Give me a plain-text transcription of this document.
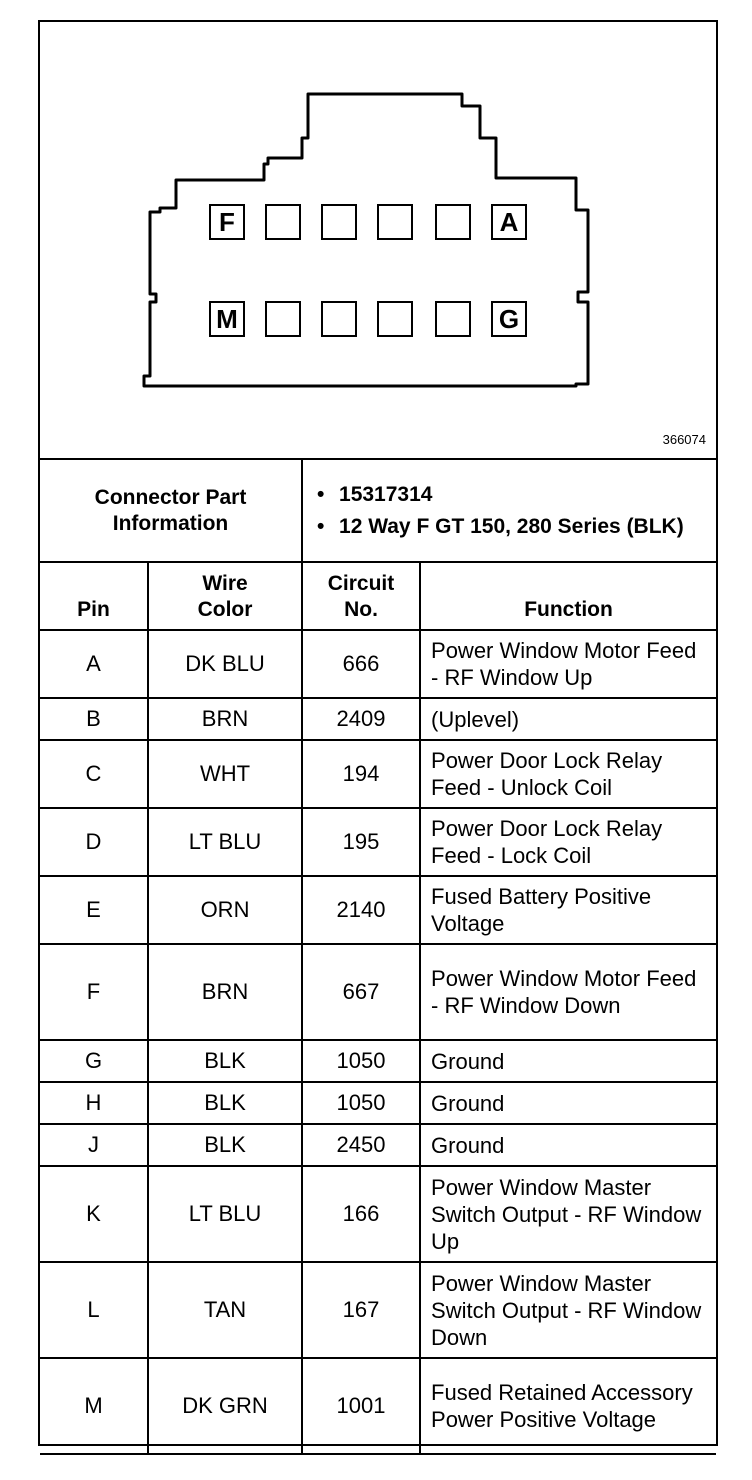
F	A
M	G
366074
Connector Part Information		• 15317314
• 12 Way F GT 150, 280 Series (BLK)

Pin	Wire Color	Circuit No.	Function
A	DK BLU	666	Power Window Motor Feed - RF Window Up
B	BRN	2409	(Uplevel)
C	WHT	194	Power Door Lock Relay Feed - Unlock Coil
D	LT BLU	195	Power Door Lock Relay Feed - Lock Coil
E	ORN	2140	Fused Battery Positive Voltage
F	BRN	667	Power Window Motor Feed - RF Window Down
G	BLK	1050	Ground
H	BLK	1050	Ground
J	BLK	2450	Ground
K	LT BLU	166	Power Window Master Switch Output - RF Window Up
L	TAN	167	Power Window Master Switch Output - RF Window Down
M	DK GRN	1001	Fused Retained Accessory Power Positive Voltage
